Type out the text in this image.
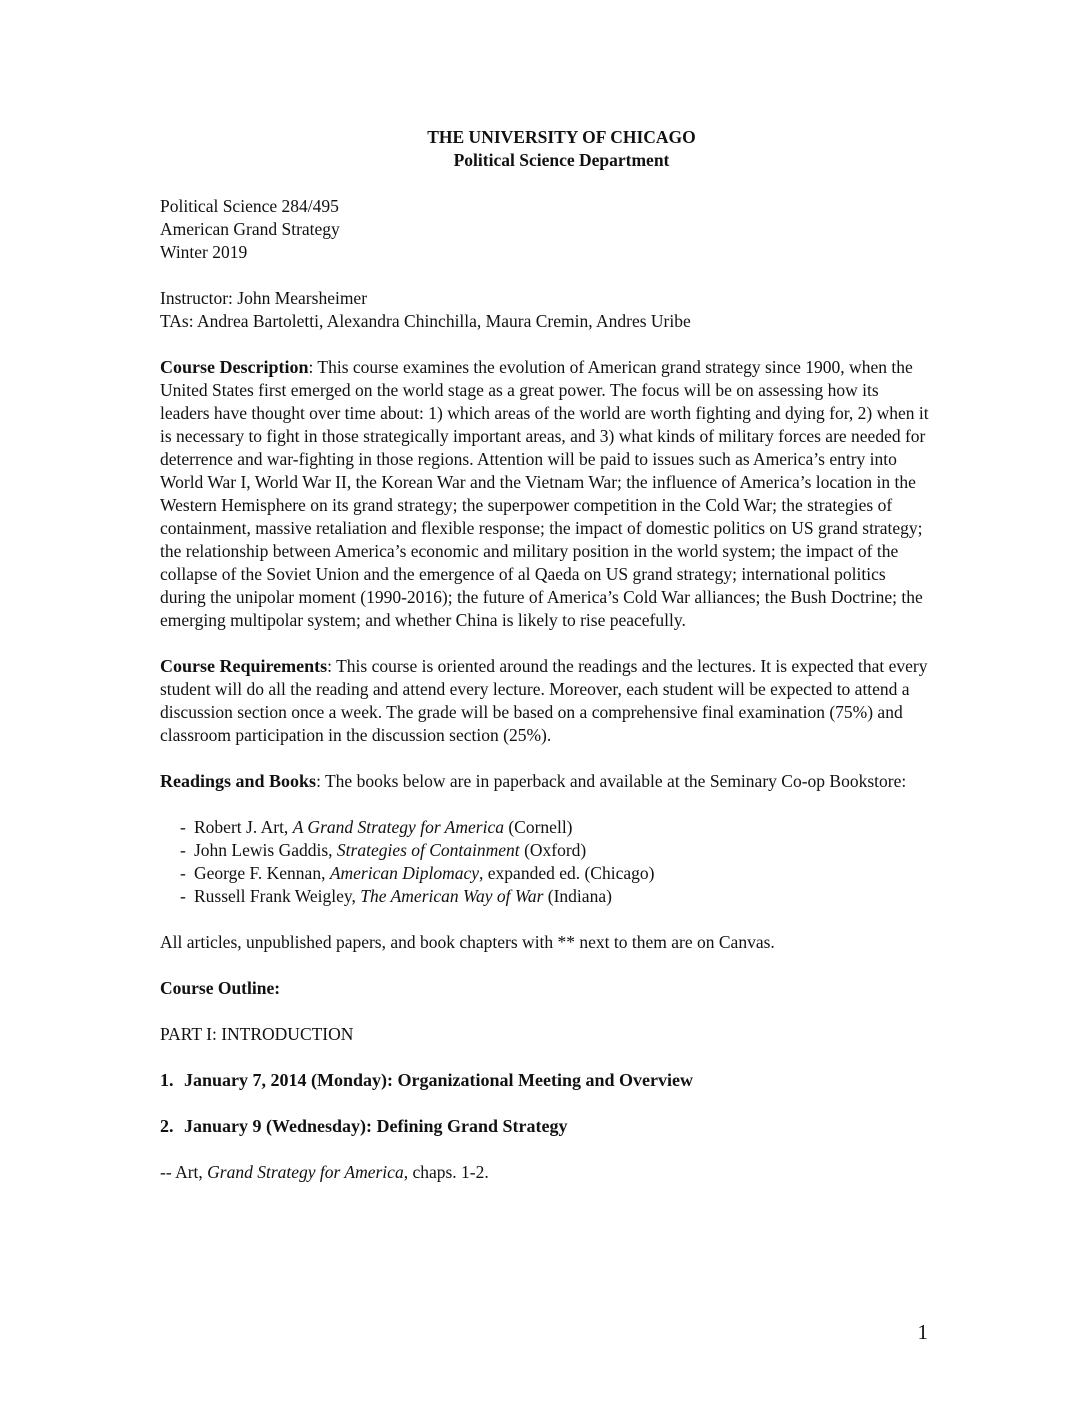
THE UNIVERSITY OF CHICAGO
Political Science Department
Political Science 284/495
American Grand Strategy
Winter 2019
Instructor: John Mearsheimer
TAs: Andrea Bartoletti, Alexandra Chinchilla, Maura Cremin, Andres Uribe
Course Description: This course examines the evolution of American grand strategy since 1900, when the United States first emerged on the world stage as a great power. The focus will be on assessing how its leaders have thought over time about: 1) which areas of the world are worth fighting and dying for, 2) when it is necessary to fight in those strategically important areas, and 3) what kinds of military forces are needed for deterrence and war-fighting in those regions. Attention will be paid to issues such as America’s entry into World War I, World War II, the Korean War and the Vietnam War; the influence of America’s location in the Western Hemisphere on its grand strategy; the superpower competition in the Cold War; the strategies of containment, massive retaliation and flexible response; the impact of domestic politics on US grand strategy; the relationship between America’s economic and military position in the world system; the impact of the collapse of the Soviet Union and the emergence of al Qaeda on US grand strategy; international politics during the unipolar moment (1990-2016); the future of America’s Cold War alliances; the Bush Doctrine; the emerging multipolar system; and whether China is likely to rise peacefully.
Course Requirements: This course is oriented around the readings and the lectures. It is expected that every student will do all the reading and attend every lecture. Moreover, each student will be expected to attend a discussion section once a week. The grade will be based on a comprehensive final examination (75%) and classroom participation in the discussion section (25%).
Readings and Books: The books below are in paperback and available at the Seminary Co-op Bookstore:
- Robert J. Art, A Grand Strategy for America (Cornell)
- John Lewis Gaddis, Strategies of Containment (Oxford)
- George F. Kennan, American Diplomacy, expanded ed. (Chicago)
- Russell Frank Weigley, The American Way of War (Indiana)
All articles, unpublished papers, and book chapters with ** next to them are on Canvas.
Course Outline:
PART I: INTRODUCTION
1. January 7, 2014 (Monday): Organizational Meeting and Overview
2. January 9 (Wednesday): Defining Grand Strategy
-- Art, Grand Strategy for America, chaps. 1-2.
1
